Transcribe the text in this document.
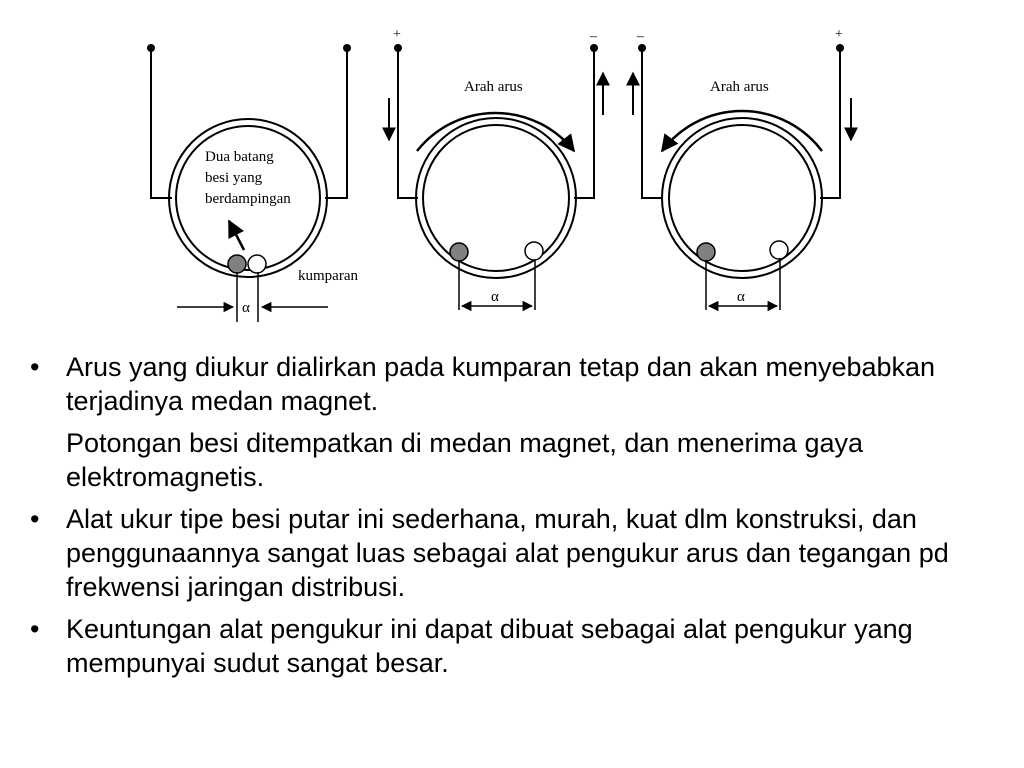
Dua batang
besi yang
berdampingan
α
kumparan
+	–
Arah arus
α
–	+
Arah arus
α
• Arus yang diukur dialirkan pada kumparan tetap dan akan menyebabkan terjadinya medan magnet.

Potongan besi ditempatkan di medan magnet, dan menerima gaya elektromagnetis.

• Alat ukur tipe besi putar ini sederhana, murah, kuat dlm konstruksi, dan penggunaannya sangat luas sebagai alat pengukur arus dan tegangan pd frekwensi jaringan distribusi.

• Keuntungan alat pengukur ini dapat dibuat sebagai alat pengukur yang mempunyai sudut sangat besar.
